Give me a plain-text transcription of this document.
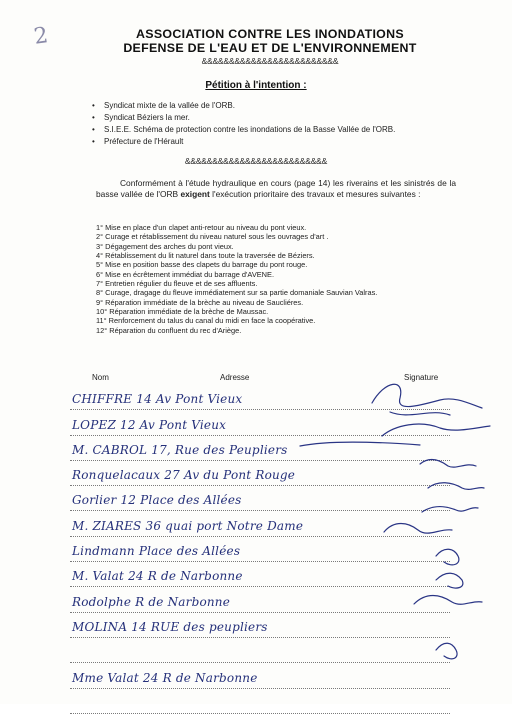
2	ASSOCIATION CONTRE LES INONDATIONS
DEFENSE DE L'EAU ET DE L'ENVIRONNEMENT
&&&&&&&&&&&&&&&&&&&&&&&&&
Pétition à l'intention :
• Syndicat mixte de la vallée de l'ORB.
• Syndicat Béziers la mer.
• S.I.E.E. Schéma de protection contre les inondations de la Basse Vallée de l'ORB.
• Préfecture de l'Hérault
&&&&&&&&&&&&&&&&&&&&&&&&&&

Conformément à l'étude hydraulique en cours (page 14) les riverains et les sinistrés de la basse vallée de l'ORB exigent l'exécution prioritaire des travaux et mesures suivantes :

1° Mise en place d'un clapet anti-retour au niveau du pont vieux.
2° Curage et rétablissement du niveau naturel sous les ouvrages d'art .
3° Dégagement des arches du pont vieux.
4° Rétablissement du lit naturel dans toute la traversée de Béziers.
5° Mise en position basse des clapets du barrage du pont rouge.
6° Mise en écrêtement immédiat du barrage d'AVENE.
7° Entretien régulier du fleuve et de ses affluents.
8° Curage, dragage du fleuve immédiatement sur sa partie domaniale Sauvian Valras.
9° Réparation immédiate de la brèche au niveau de Saucliéres.
10° Réparation immédiate de la brèche de Maussac.
11° Renforcement du talus du canal du midi en face la coopérative.
12° Réparation du confluent du rec d'Ariège.
Nom	Adresse	Signature
CHIFFRE 14 Av Pont Vieux
LOPEZ 12 Av Pont Vieux
M. CABROL 17, Rue des Peupliers
Ronquelacaux 27 Av du Pont Rouge
Gorlier 12 Place des Allées
M. ZIARES 36 quai port Notre Dame
Lindmann Place des Allées
M. Valat 24 R de Narbonne
Rodolphe R de Narbonne
MOLINA 14 RUE des peupliers
Mme Valat 24 R de Narbonne
